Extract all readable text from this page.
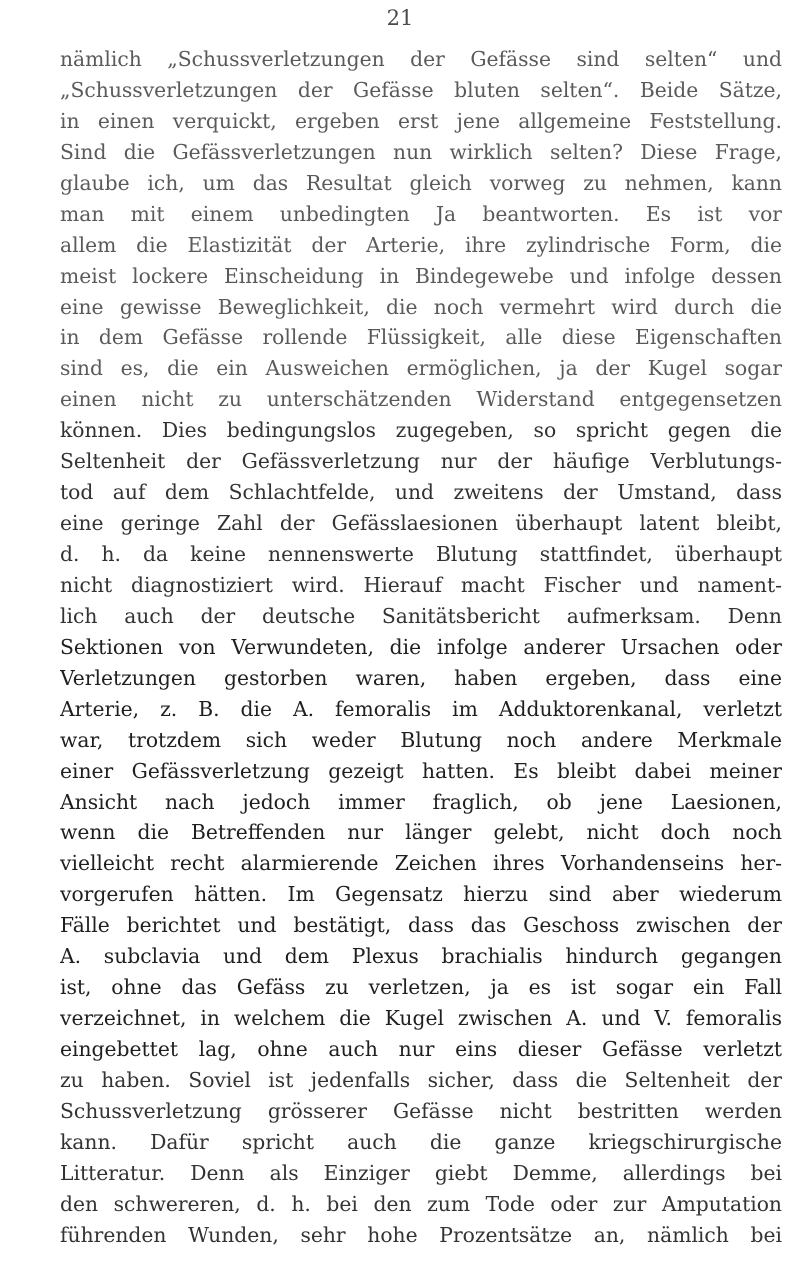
21
nämlich „Schussverletzungen der Gefässe sind selten“ und
„Schussverletzungen der Gefässe bluten selten“. Beide Sätze,
in einen verquickt, ergeben erst jene allgemeine Feststellung.
Sind die Gefässverletzungen nun wirklich selten? Diese Frage,
glaube ich, um das Resultat gleich vorweg zu nehmen, kann
man mit einem unbedingten Ja beantworten. Es ist vor
allem die Elastizität der Arterie, ihre zylindrische Form, die
meist lockere Einscheidung in Bindegewebe und infolge dessen
eine gewisse Beweglichkeit, die noch vermehrt wird durch die
in dem Gefässe rollende Flüssigkeit, alle diese Eigenschaften
sind es, die ein Ausweichen ermöglichen, ja der Kugel sogar
einen nicht zu unterschätzenden Widerstand entgegensetzen
können. Dies bedingungslos zugegeben, so spricht gegen die
Seltenheit der Gefässverletzung nur der häufige Verblutungs-
tod auf dem Schlachtfelde, und zweitens der Umstand, dass
eine geringe Zahl der Gefässlaesionen überhaupt latent bleibt,
d. h. da keine nennenswerte Blutung stattfindet, überhaupt
nicht diagnostiziert wird. Hierauf macht Fischer und nament-
lich auch der deutsche Sanitätsbericht aufmerksam. Denn
Sektionen von Verwundeten, die infolge anderer Ursachen oder
Verletzungen gestorben waren, haben ergeben, dass eine
Arterie, z. B. die A. femoralis im Adduktorenkanal, verletzt
war, trotzdem sich weder Blutung noch andere Merkmale
einer Gefässverletzung gezeigt hatten. Es bleibt dabei meiner
Ansicht nach jedoch immer fraglich, ob jene Laesionen,
wenn die Betreffenden nur länger gelebt, nicht doch noch
vielleicht recht alarmierende Zeichen ihres Vorhandenseins her-
vorgerufen hätten. Im Gegensatz hierzu sind aber wiederum
Fälle berichtet und bestätigt, dass das Geschoss zwischen der
A. subclavia und dem Plexus brachialis hindurch gegangen
ist, ohne das Gefäss zu verletzen, ja es ist sogar ein Fall
verzeichnet, in welchem die Kugel zwischen A. und V. femoralis
eingebettet lag, ohne auch nur eins dieser Gefässe verletzt
zu haben. Soviel ist jedenfalls sicher, dass die Seltenheit der
Schussverletzung grösserer Gefässe nicht bestritten werden
kann. Dafür spricht auch die ganze kriegschirurgische
Litteratur. Denn als Einziger giebt Demme, allerdings bei
den schwereren, d. h. bei den zum Tode oder zur Amputation
führenden Wunden, sehr hohe Prozentsätze an, nämlich bei
